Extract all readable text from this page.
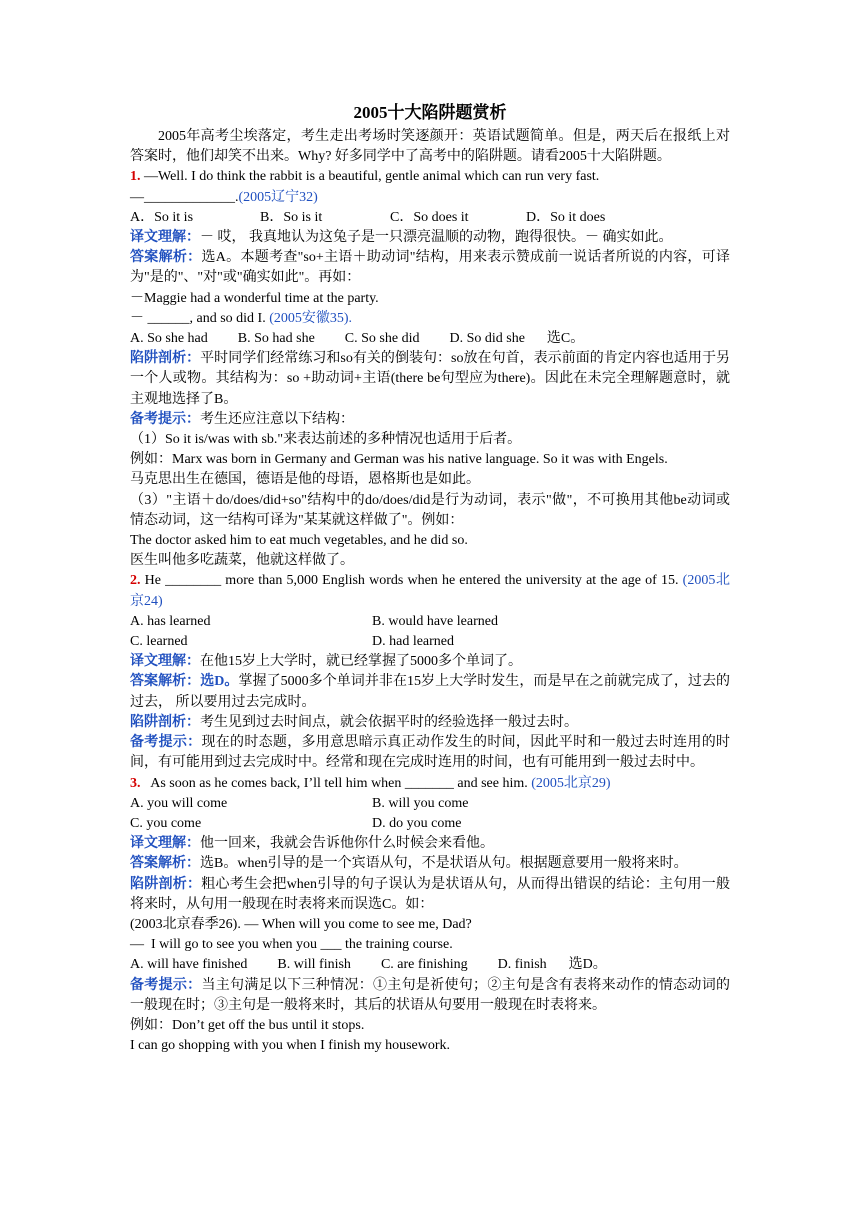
2005十大陷阱题赏析

2005年高考尘埃落定，考生走出考场时笑逐颜开：英语试题简单。但是，两天后在报纸上对答案时，他们却笑不出来。Why? 好多同学中了高考中的陷阱题。请看2005十大陷阱题。

1. —Well. I do think the rabbit is a beautiful, gentle animal which can run very fast.

—_____________.(2005辽宁32)

A．So it is	B．So is it	C．So does it	D．So it does

译文理解：－ 哎， 我真地认为这兔子是一只漂亮温顺的动物，跑得很快。－ 确实如此。

答案解析：选A。本题考查"so+主语＋助动词"结构，用来表示赞成前一说话者所说的内容，可译为"是的"、"对"或"确实如此"。再如：

－Maggie had a wonderful time at the party.

－ ______, and so did I. (2005安徽35).

A. So she had B. So had she C. So she did D. So did she 选C。

陷阱剖析：平时同学们经常练习和so有关的倒装句：so放在句首，表示前面的肯定内容也适用于另一个人或物。其结构为：so +助动词+主语(there be句型应为there)。因此在未完全理解题意时，就主观地选择了B。

备考提示：考生还应注意以下结构：

（1）So it is/was with sb."来表达前述的多种情况也适用于后者。

例如：Marx was born in Germany and German was his native language. So it was with Engels.

马克思出生在德国，德语是他的母语，恩格斯也是如此。

（3）"主语＋do/does/did+so"结构中的do/does/did是行为动词，表示"做"，不可换用其他be动词或情态动词，这一结构可译为"某某就这样做了"。例如：

The doctor asked him to eat much vegetables, and he did so.

医生叫他多吃蔬菜，他就这样做了。

2. He ________ more than 5,000 English words when he entered the university at the age of 15. (2005北京24)

A. has learned	B. would have learned

C. learned	D. had learned

译文理解：在他15岁上大学时，就已经掌握了5000多个单词了。

答案解析：选D。掌握了5000多个单词并非在15岁上大学时发生，而是早在之前就完成了，过去的过去， 所以要用过去完成时。

陷阱剖析：考生见到过去时间点，就会依据平时的经验选择一般过去时。

备考提示：现在的时态题，多用意思暗示真正动作发生的时间，因此平时和一般过去时连用的时间，有可能用到过去完成时中。经常和现在完成时连用的时间，也有可能用到一般过去时中。

3.   As soon as he comes back, I’ll tell him when _______ and see him. (2005北京29)

A. you will come	B. will you come

C. you come	D. do you come

译文理解：他一回来，我就会告诉他你什么时候会来看他。

答案解析：选B。when引导的是一个宾语从句，不是状语从句。根据题意要用一般将来时。

陷阱剖析：粗心考生会把when引导的句子误认为是状语从句，从而得出错误的结论：主句用一般将来时，从句用一般现在时表将来而误选C。如：

(2003北京春季26). — When will you come to see me, Dad?

—  I will go to see you when you ___ the training course.

A. will have finished B. will finish C. are finishing D. finish 选D。

备考提示：当主句满足以下三种情况：①主句是祈使句；②主句是含有表将来动作的情态动词的一般现在时；③主句是一般将来时，其后的状语从句要用一般现在时表将来。

例如：Don’t get off the bus until it stops.

I can go shopping with you when I finish my housework.
